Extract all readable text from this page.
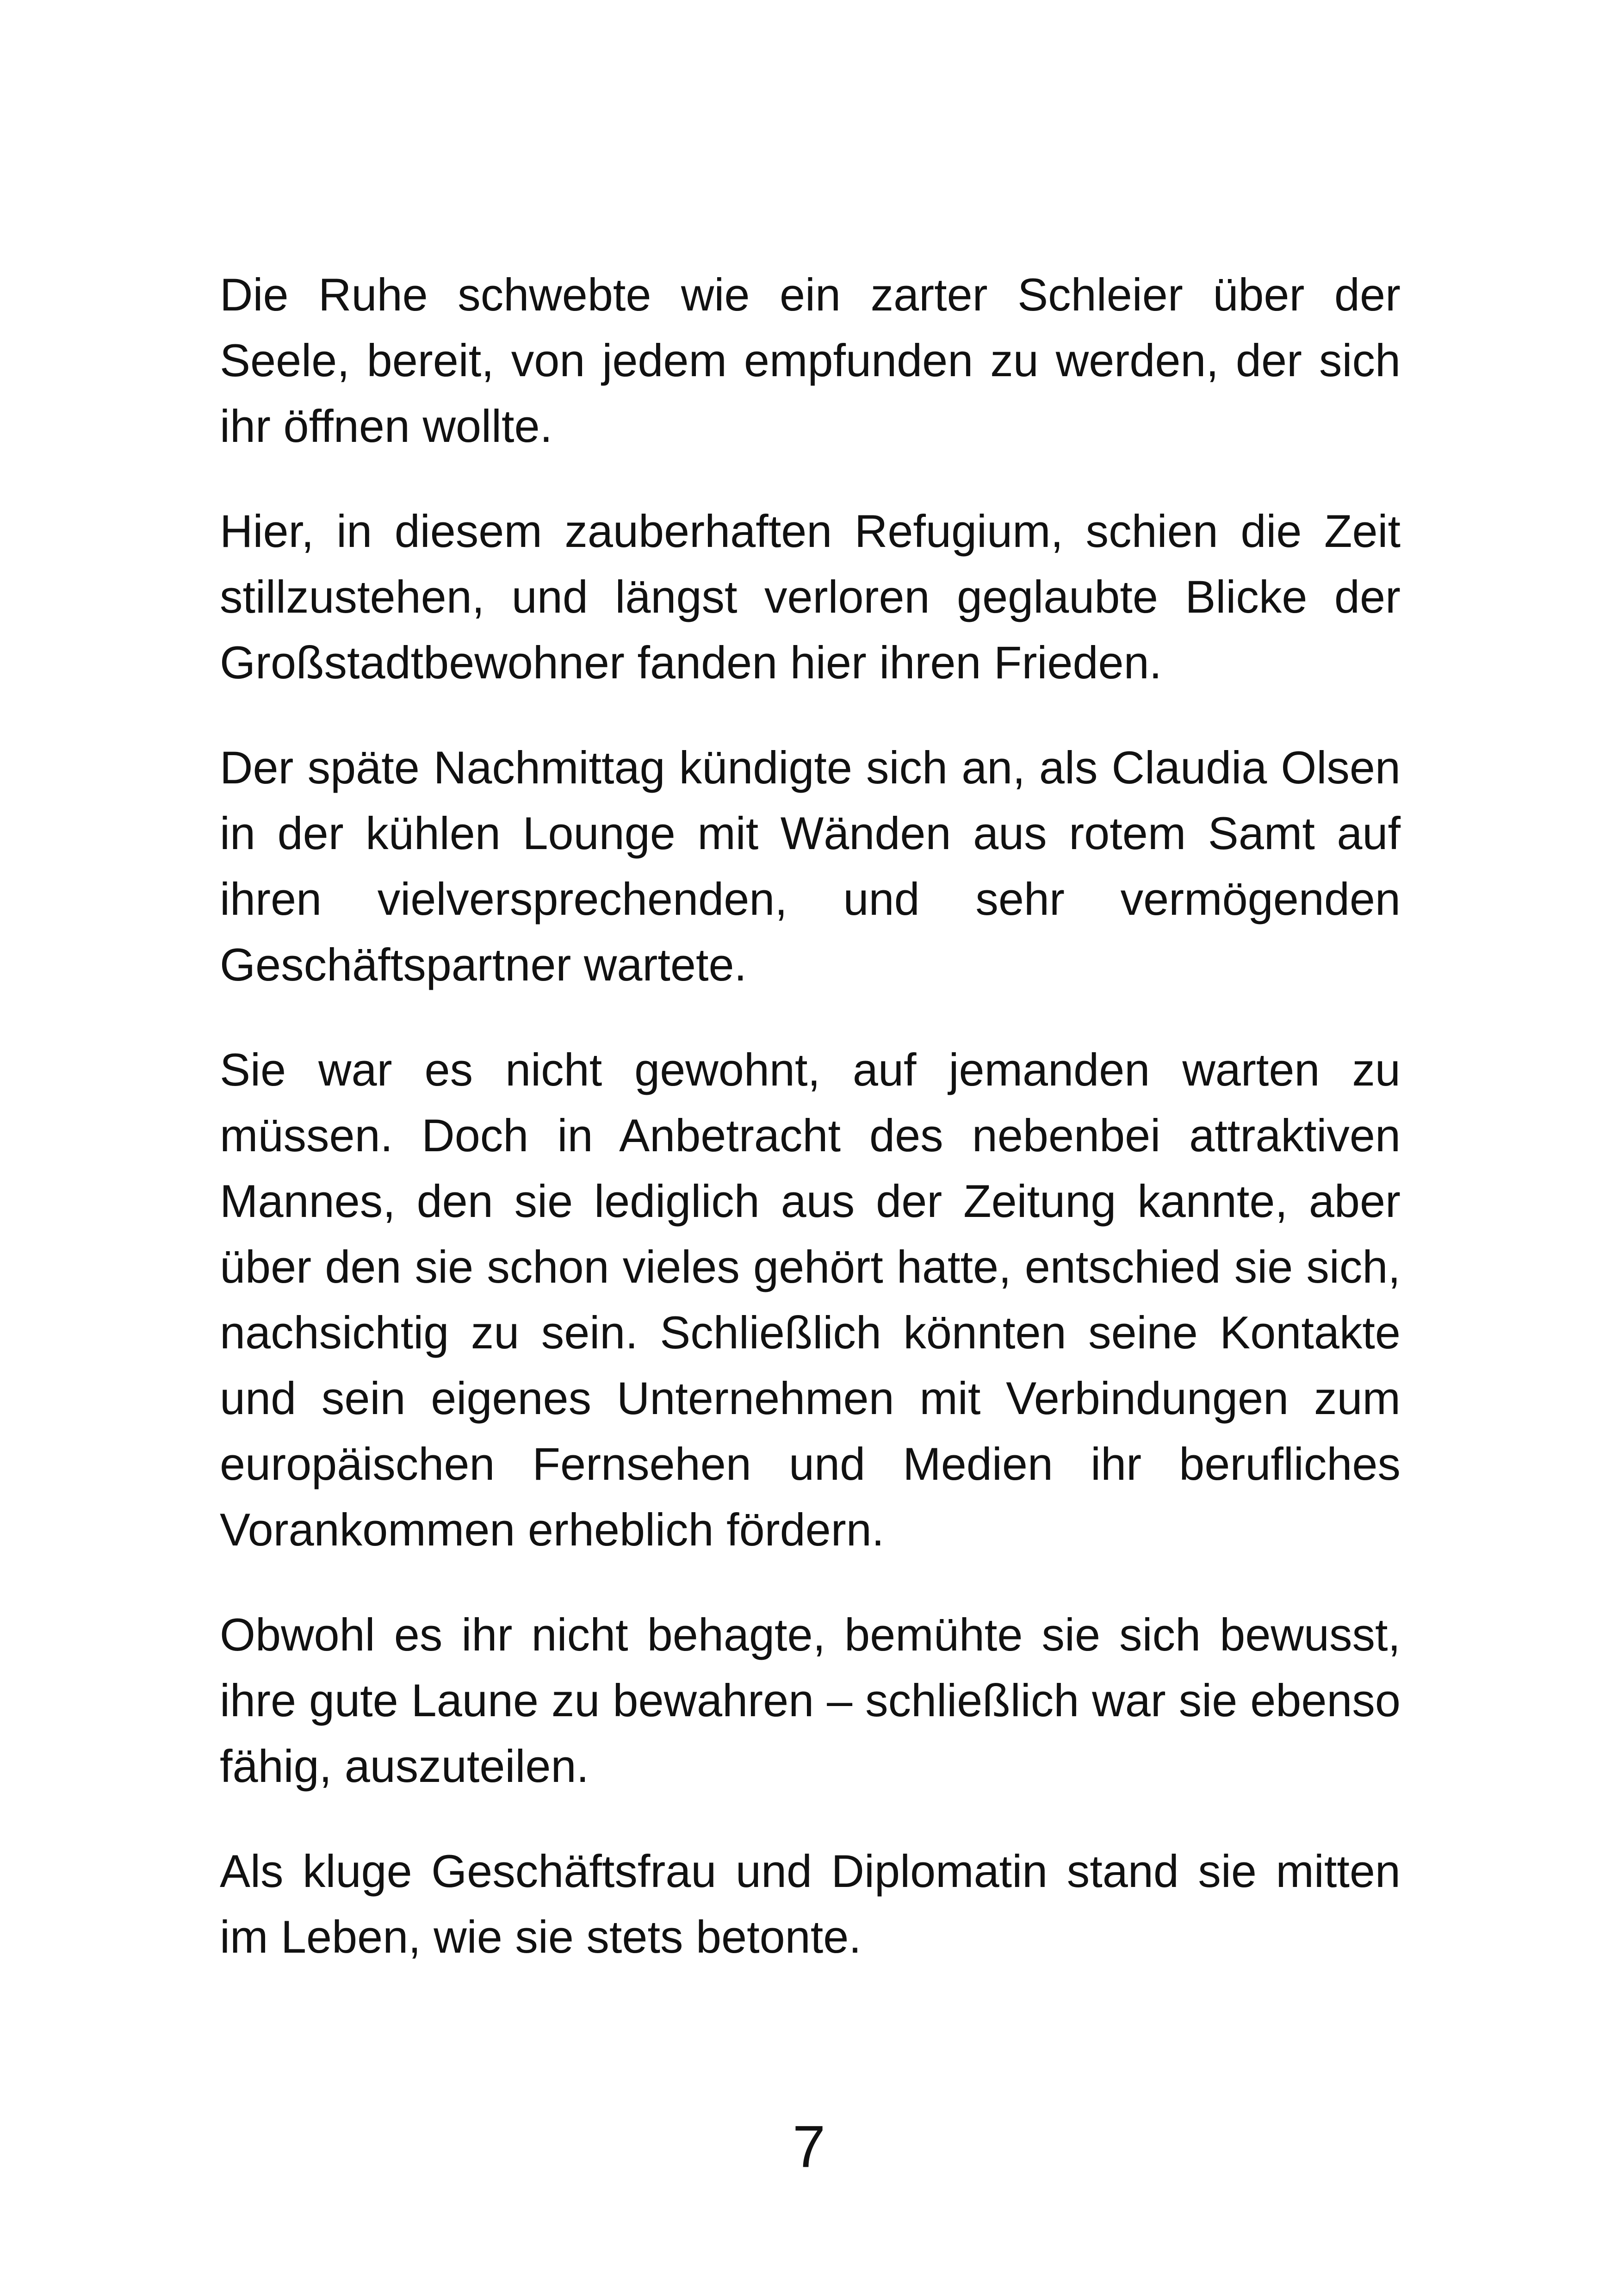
Die Ruhe schwebte wie ein zarter Schleier über der Seele, bereit, von jedem empfunden zu werden, der sich ihr öffnen wollte.

Hier, in diesem zauberhaften Refugium, schien die Zeit stillzustehen, und längst verloren geglaubte Blicke der Großstadtbewohner fanden hier ihren Frieden.

Der späte Nachmittag kündigte sich an, als Claudia Olsen in der kühlen Lounge mit Wänden aus rotem Samt auf ihren vielversprechenden, und sehr vermögenden Geschäftspartner wartete.

Sie war es nicht gewohnt, auf jemanden warten zu müssen. Doch in Anbetracht des nebenbei attraktiven Mannes, den sie lediglich aus der Zeitung kannte, aber über den sie schon vieles gehört hatte, entschied sie sich, nachsichtig zu sein. Schließlich könnten seine Kontakte und sein eigenes Unternehmen mit Verbindungen zum europäischen Fernsehen und Medien ihr berufliches Vorankommen erheblich fördern.

Obwohl es ihr nicht behagte, bemühte sie sich bewusst, ihre gute Laune zu bewahren – schließlich war sie ebenso fähig, auszuteilen.

Als kluge Geschäftsfrau und Diplomatin stand sie mitten im Leben, wie sie stets betonte.

7
